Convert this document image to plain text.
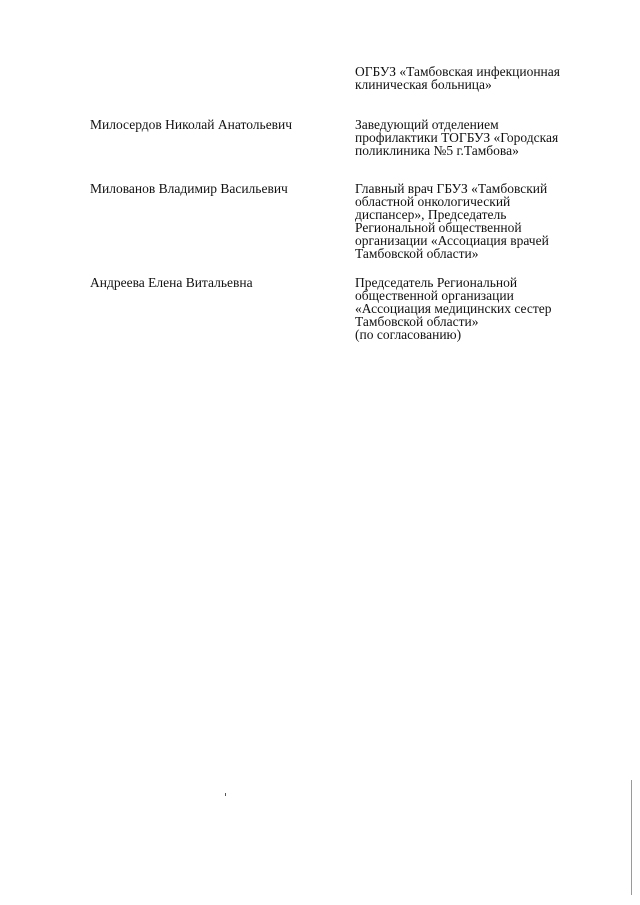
ОГБУЗ «Тамбовская инфекционная
клиническая больница»
Милосердов Николай Анатольевич	Заведующий отделением
профилактики ТОГБУЗ «Городская
поликлиника №5 г.Тамбова»
Милованов Владимир Васильевич	Главный врач ГБУЗ «Тамбовский
областной онкологический
диспансер», Председатель
Региональной общественной
организации «Ассоциация врачей
Тамбовской области»
Андреева Елена Витальевна	Председатель Региональной
общественной организации
«Ассоциация медицинских сестер
Тамбовской области»
(по согласованию)
